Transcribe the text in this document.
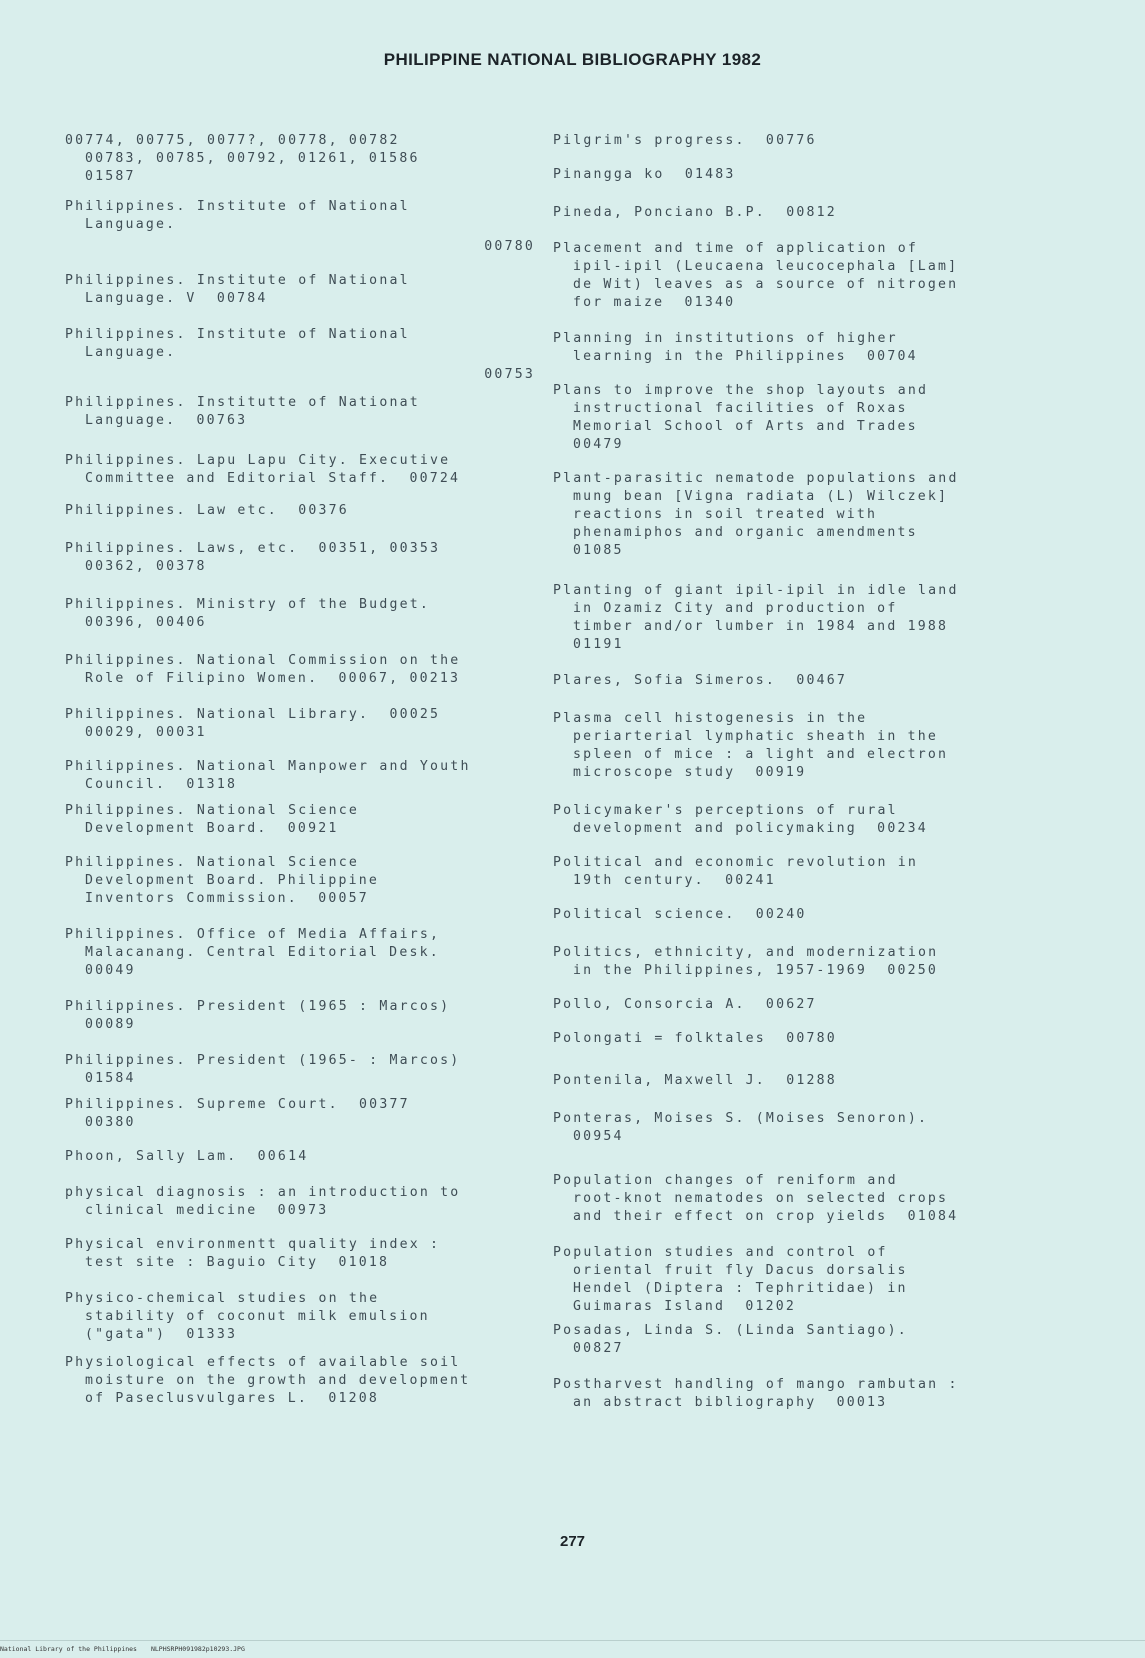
PHILIPPINE NATIONAL BIBLIOGRAPHY 1982
00774, 00775, 0077?, 00778, 00782
00783, 00785, 00792, 01261, 01586
01587
Philippines. Institute of National
Language.
00780
Philippines. Institute of National
Language. V  00784
Philippines. Institute of National
Language.
00753
Philippines. Institutte of Nationat
Language.  00763
Philippines. Lapu Lapu City. Executive
Committee and Editorial Staff.  00724
Philippines. Law etc.  00376
Philippines. Laws, etc.  00351, 00353
00362, 00378
Philippines. Ministry of the Budget.
00396, 00406
Philippines. National Commission on the
Role of Filipino Women.  00067, 00213
Philippines. National Library.  00025
00029, 00031
Philippines. National Manpower and Youth
Council.  01318
Philippines. National Science
Development Board.  00921
Philippines. National Science
Development Board. Philippine
Inventors Commission.  00057
Philippines. Office of Media Affairs,
Malacanang. Central Editorial Desk.
00049
Philippines. President (1965 : Marcos)
00089
Philippines. President (1965- : Marcos)
01584
Philippines. Supreme Court.  00377
00380
Phoon, Sally Lam.  00614
physical diagnosis : an introduction to
clinical medicine  00973
Physical environmentt quality index :
test site : Baguio City  01018
Physico-chemical studies on the
stability of coconut milk emulsion
("gata")  01333
Physiological effects of available soil
moisture on the growth and development
of Paseclusvulgares L.  01208
Pilgrim's progress.  00776
Pinangga ko  01483
Pineda, Ponciano B.P.  00812
Placement and time of application of
ipil-ipil (Leucaena leucocephala [Lam]
de Wit) leaves as a source of nitrogen
for maize  01340
Planning in institutions of higher
learning in the Philippines  00704
Plans to improve the shop layouts and
instructional facilities of Roxas
Memorial School of Arts and Trades
00479
Plant-parasitic nematode populations and
mung bean [Vigna radiata (L) Wilczek]
reactions in soil treated with
phenamiphos and organic amendments
01085
Planting of giant ipil-ipil in idle land
in Ozamiz City and production of
timber and/or lumber in 1984 and 1988
01191
Plares, Sofia Simeros.  00467
Plasma cell histogenesis in the
periarterial lymphatic sheath in the
spleen of mice : a light and electron
microscope study  00919
Policymaker's perceptions of rural
development and policymaking  00234
Political and economic revolution in
19th century.  00241
Political science.  00240
Politics, ethnicity, and modernization
in the Philippines, 1957-1969  00250
Pollo, Consorcia A.  00627
Polongati = folktales  00780
Pontenila, Maxwell J.  01288
Ponteras, Moises S. (Moises Senoron).
00954
Population changes of reniform and
root-knot nematodes on selected crops
and their effect on crop yields  01084
Population studies and control of
oriental fruit fly Dacus dorsalis
Hendel (Diptera : Tephritidae) in
Guimaras Island  01202
Posadas, Linda S. (Linda Santiago).
00827
Postharvest handling of mango rambutan :
an abstract bibliography  00013
277
National Library of the Philippines NLPHSRPH091982p10293.JPG
